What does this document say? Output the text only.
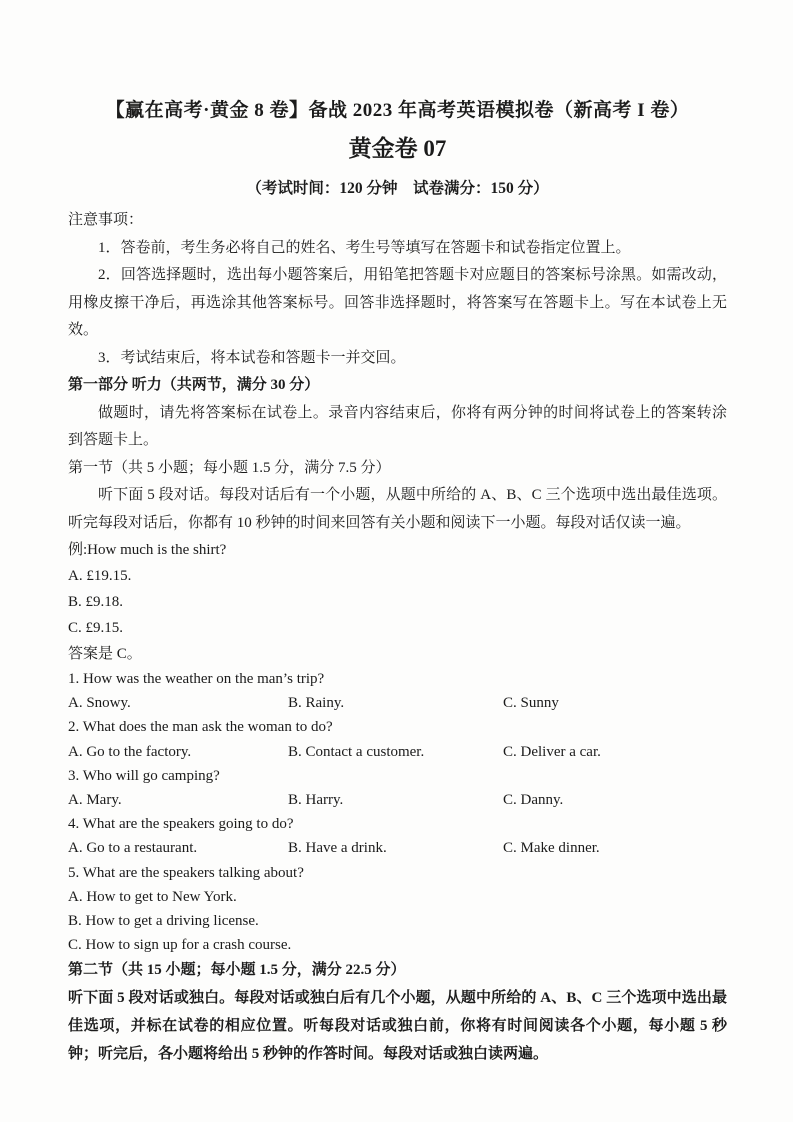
【赢在高考·黄金 8 卷】备战 2023 年高考英语模拟卷（新高考 I 卷）
黄金卷 07

（考试时间：120 分钟　试卷满分：150 分）

注意事项：

1．答卷前，考生务必将自己的姓名、考生号等填写在答题卡和试卷指定位置上。

2．回答选择题时，选出每小题答案后，用铅笔把答题卡对应题目的答案标号涂黑。如需改动，用橡皮擦干净后，再选涂其他答案标号。回答非选择题时，将答案写在答题卡上。写在本试卷上无效。

3．考试结束后，将本试卷和答题卡一并交回。

第一部分 听力（共两节，满分 30 分）

做题时，请先将答案标在试卷上。录音内容结束后，你将有两分钟的时间将试卷上的答案转涂到答题卡上。

第一节（共 5 小题；每小题 1.5 分，满分 7.5 分）

听下面 5 段对话。每段对话后有一个小题，从题中所给的 A、B、C 三个选项中选出最佳选项。听完每段对话后，你都有 10 秒钟的时间来回答有关小题和阅读下一小题。每段对话仅读一遍。

例:How much is the shirt?

A. £19.15.

B. £9.18.

C. £9.15.

答案是 C。

1. How was the weather on the man’s trip?

A. Snowy.	B. Rainy.	C. Sunny

2. What does the man ask the woman to do?

A. Go to the factory.	B. Contact a customer.	C. Deliver a car.

3. Who will go camping?

A. Mary.	B. Harry.	C. Danny.

4. What are the speakers going to do?

A. Go to a restaurant.	B. Have a drink.	C. Make dinner.

5. What are the speakers talking about?

A. How to get to New York.

B. How to get a driving license.

C. How to sign up for a crash course.

第二节（共 15 小题；每小题 1.5 分，满分 22.5 分）

听下面 5 段对话或独白。每段对话或独白后有几个小题，从题中所给的 A、B、C 三个选项中选出最佳选项，并标在试卷的相应位置。听每段对话或独白前，你将有时间阅读各个小题，每小题 5 秒钟；听完后，各小题将给出 5 秒钟的作答时间。每段对话或独白读两遍。
